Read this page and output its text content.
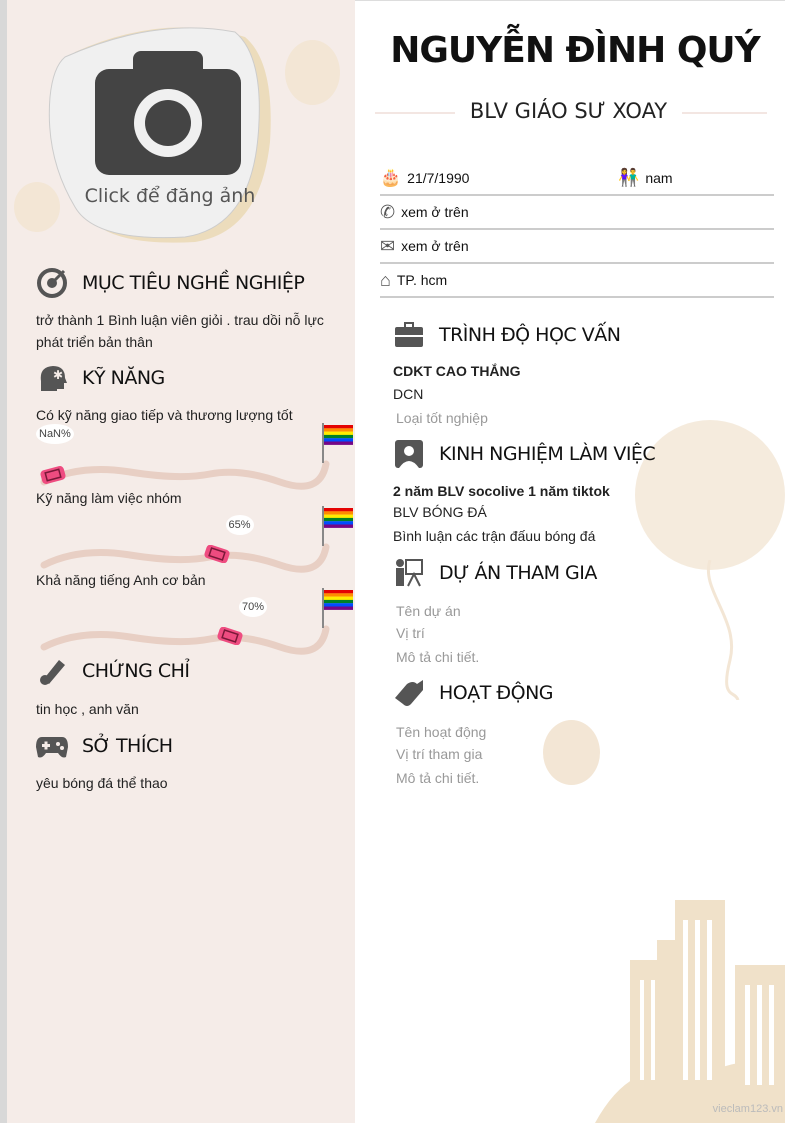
Click để đăng ảnh
NGUYỄN ĐÌNH QUÝ
BLV GIÁO SƯ XOAY
🎂 21/7/1990	👫 nam
✆ xem ở trên
✉ xem ở trên
⌂ TP. hcm
MỤC TIÊU NGHỀ NGHIỆP
trở thành 1 Bình luận viên giỏi . trau dồi nỗ lực phát triển bản thân
✱ KỸ NĂNG
Có kỹ năng giao tiếp và thương lượng tốt
NaN%
Kỹ năng làm việc nhóm
65%
Khả năng tiếng Anh cơ bản
70%
CHỨNG CHỈ
tin học , anh văn
SỞ THÍCH
yêu bóng đá thể thao
TRÌNH ĐỘ HỌC VẤN
CDKT CAO THẮNG
DCN
Loại tốt nghiệp
KINH NGHIỆM LÀM VIỆC
2 năm BLV socolive 1 năm tiktok
BLV BÓNG ĐÁ
Bình luận các trận đấuu bóng đá
DỰ ÁN THAM GIA
Tên dự án
Vị trí
Mô tả chi tiết.
HOẠT ĐỘNG
Tên hoạt động
Vị trí tham gia
Mô tả chi tiết.
vieclam123.vn
